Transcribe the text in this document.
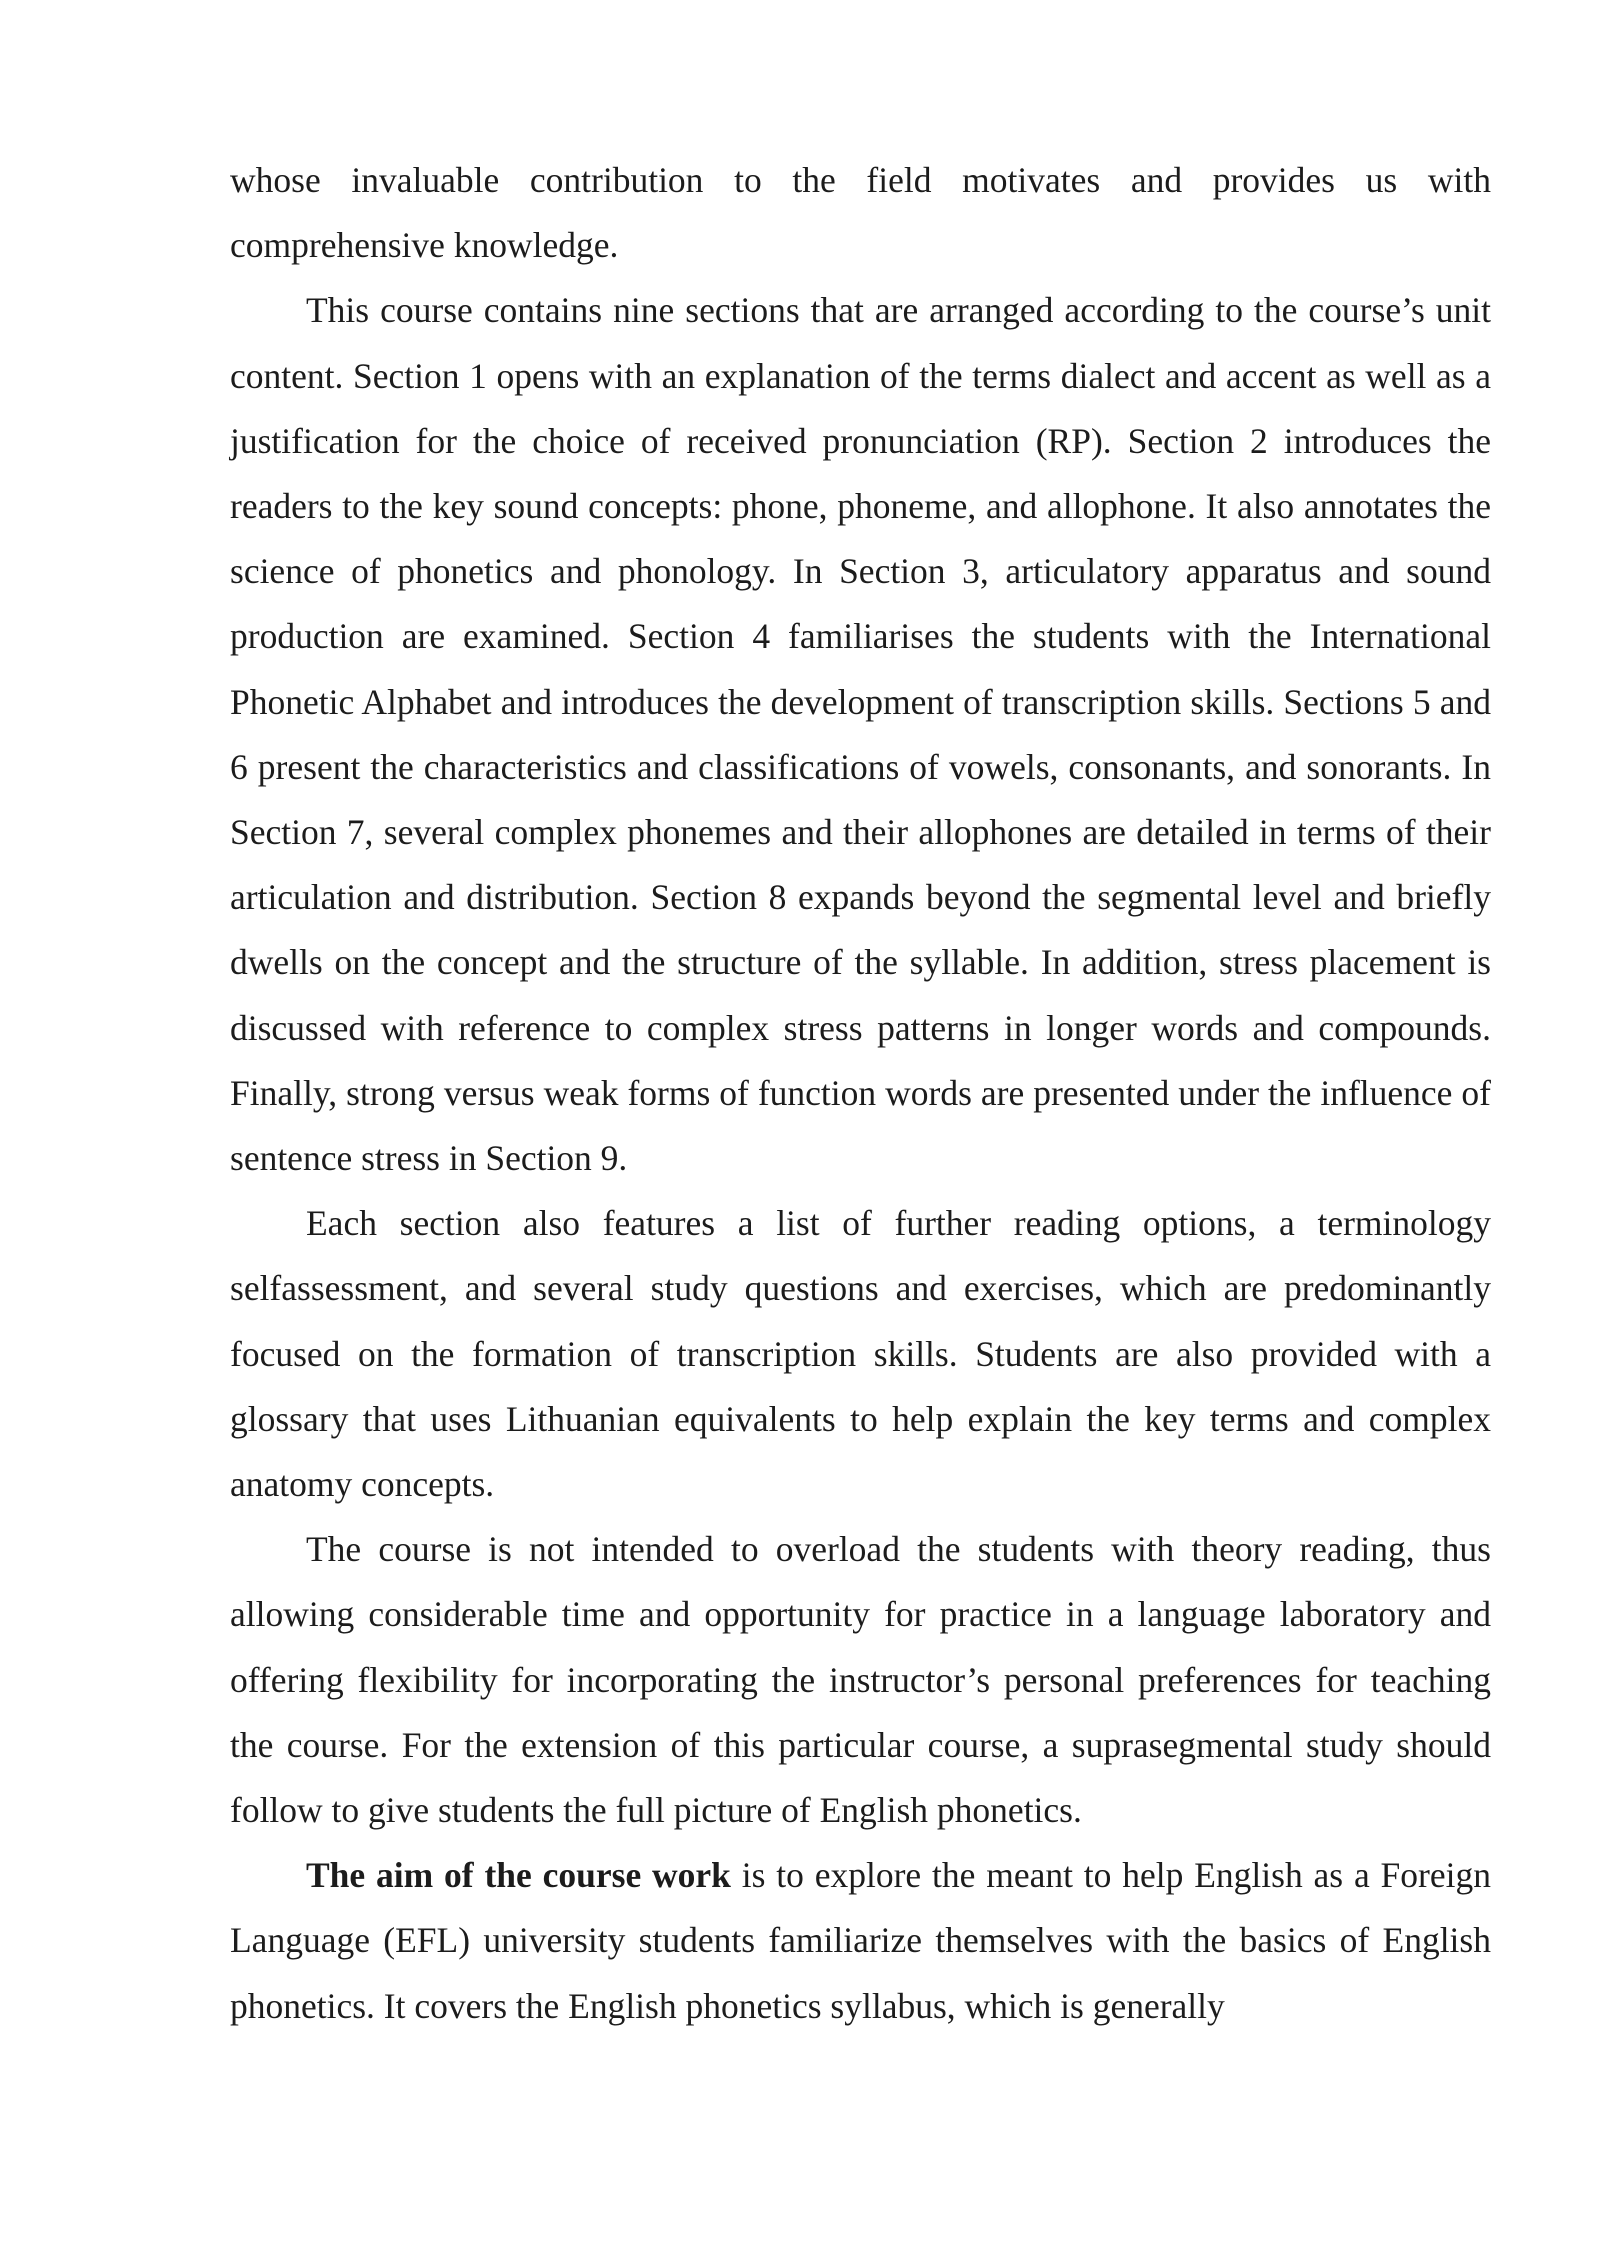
whose invaluable contribution to the field motivates and provides us with comprehensive knowledge.

This course contains nine sections that are arranged according to the course’s unit content. Section 1 opens with an explanation of the terms dialect and accent as well as a justification for the choice of received pronunciation (RP). Section 2 introduces the readers to the key sound concepts: phone, phoneme, and allophone. It also annotates the science of phonetics and phonology. In Section 3, articulatory apparatus and sound production are examined. Section 4 familiarises the students with the International Phonetic Alphabet and introduces the development of transcription skills. Sections 5 and 6 present the characteristics and classifications of vowels, consonants, and sonorants. In Section 7, several complex phonemes and their allophones are detailed in terms of their articulation and distribution. Section 8 expands beyond the segmental level and briefly dwells on the concept and the structure of the syllable. In addition, stress placement is discussed with reference to complex stress patterns in longer words and compounds. Finally, strong versus weak forms of function words are presented under the influence of sentence stress in Section 9.

Each section also features a list of further reading options, a terminology selfassessment, and several study questions and exercises, which are predominantly focused on the formation of transcription skills. Students are also provided with a glossary that uses Lithuanian equivalents to help explain the key terms and complex anatomy concepts.

The course is not intended to overload the students with theory reading, thus allowing considerable time and opportunity for practice in a language laboratory and offering flexibility for incorporating the instructor’s personal preferences for teaching the course. For the extension of this particular course, a suprasegmental study should follow to give students the full picture of English phonetics.

The aim of the course work is to explore the meant to help English as a Foreign Language (EFL) university students familiarize themselves with the basics of English phonetics. It covers the English phonetics syllabus, which is generally
